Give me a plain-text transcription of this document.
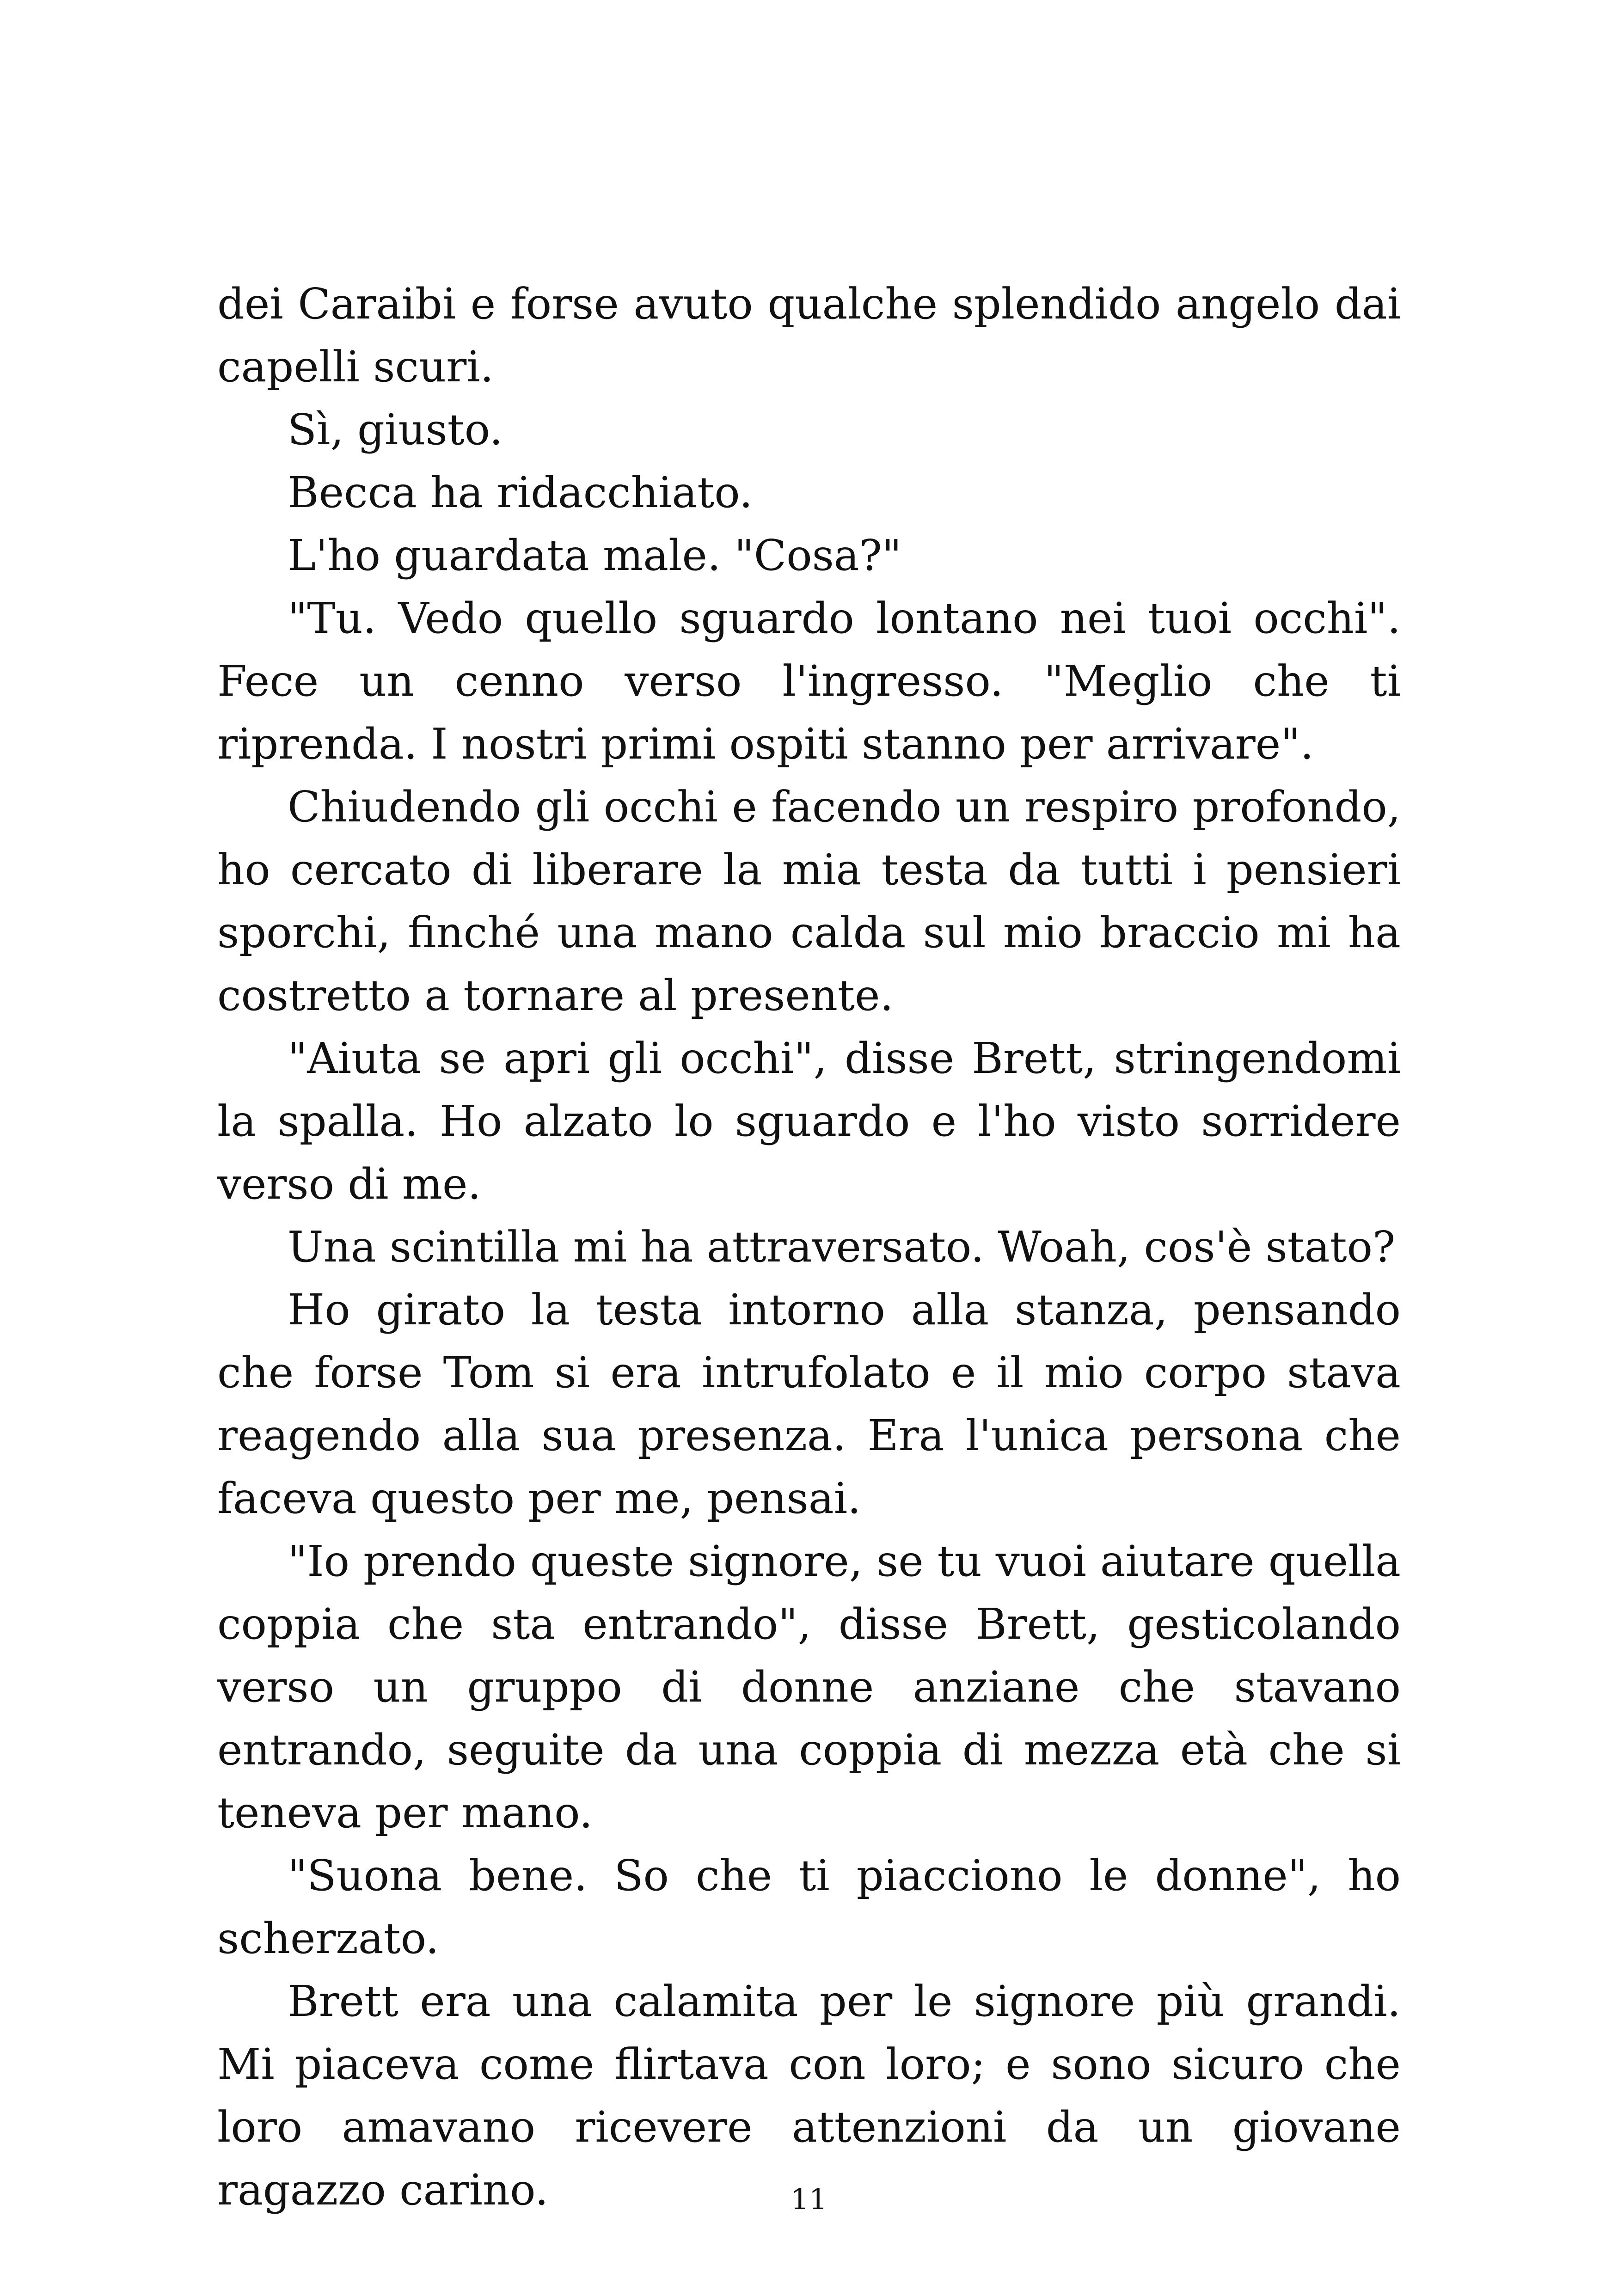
dei Caraibi e forse avuto qualche splendido angelo dai capelli scuri.

Sì, giusto.

Becca ha ridacchiato.

L'ho guardata male. "Cosa?"

"Tu. Vedo quello sguardo lontano nei tuoi occhi". Fece un cenno verso l'ingresso. "Meglio che ti riprenda. I nostri primi ospiti stanno per arrivare".

Chiudendo gli occhi e facendo un respiro profondo, ho cercato di liberare la mia testa da tutti i pensieri sporchi, finché una mano calda sul mio braccio mi ha costretto a tornare al presente.

"Aiuta se apri gli occhi", disse Brett, stringendomi la spalla. Ho alzato lo sguardo e l'ho visto sorridere verso di me.

Una scintilla mi ha attraversato. Woah, cos'è stato?

Ho girato la testa intorno alla stanza, pensando che forse Tom si era intrufolato e il mio corpo stava reagendo alla sua presenza. Era l'unica persona che faceva questo per me, pensai.

"Io prendo queste signore, se tu vuoi aiutare quella coppia che sta entrando", disse Brett, gesticolando verso un gruppo di donne anziane che stavano entrando, seguite da una coppia di mezza età che si teneva per mano.

"Suona bene. So che ti piacciono le donne", ho scherzato.

Brett era una calamita per le signore più grandi. Mi piaceva come flirtava con loro; e sono sicuro che loro amavano ricevere attenzioni da un giovane ragazzo carino.	11
